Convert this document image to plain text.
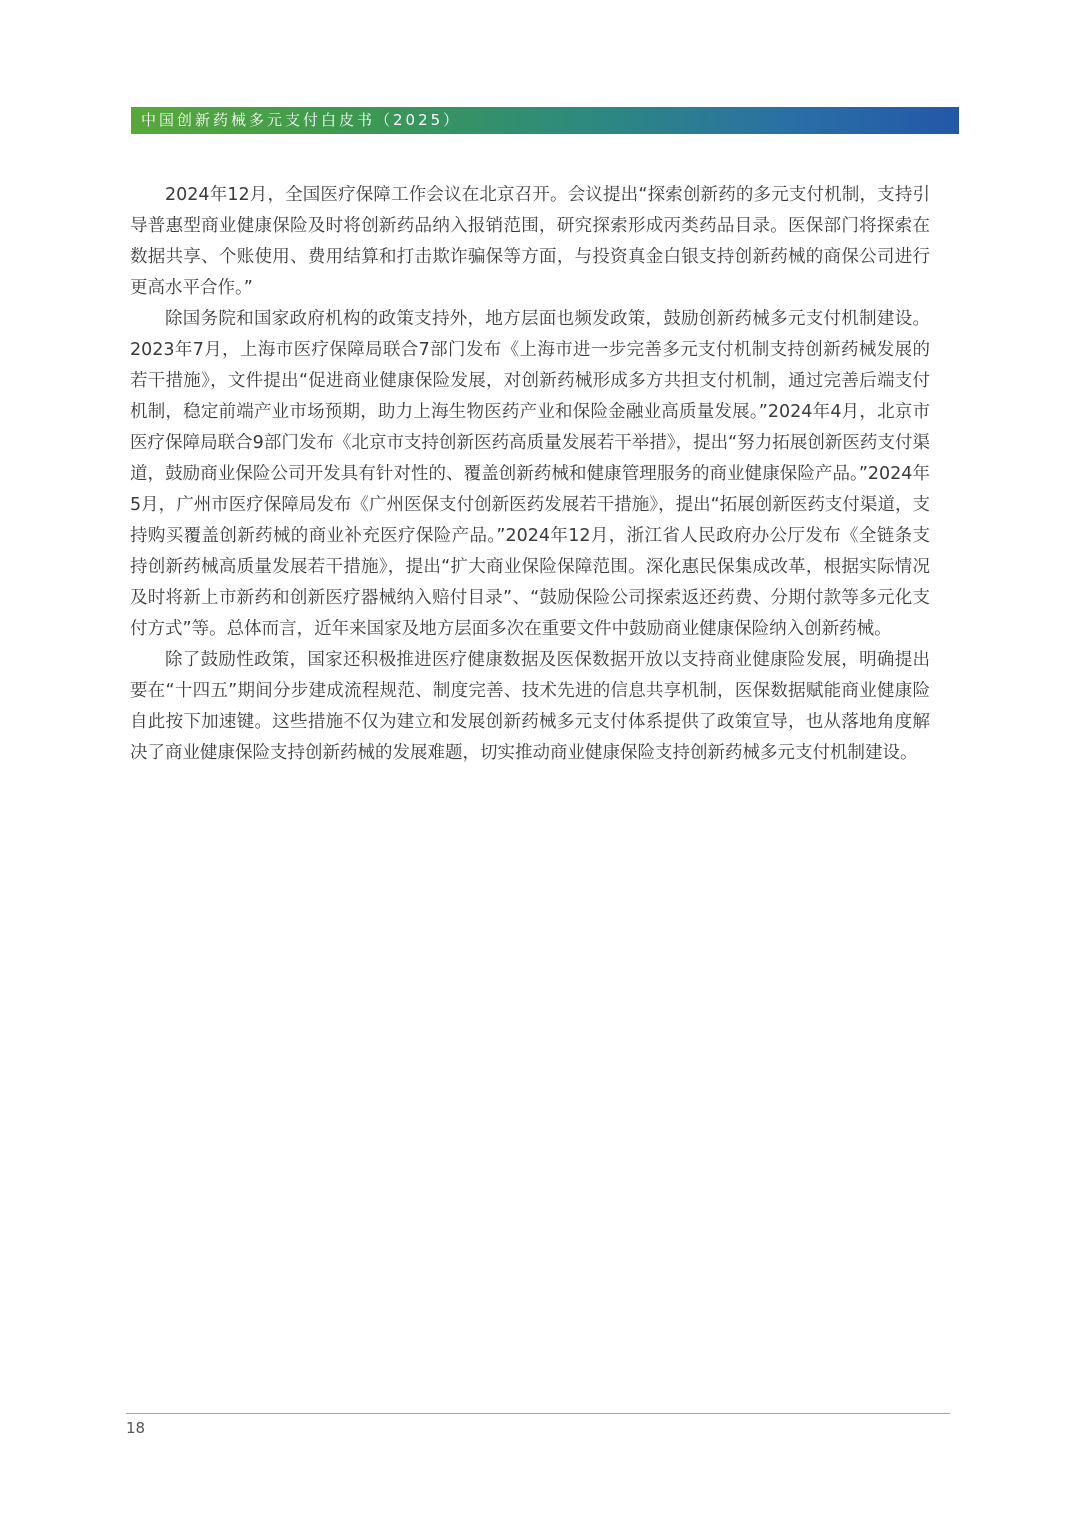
中国创新药械多元支付白皮书（2025）

2024年12月，全国医疗保障工作会议在北京召开。会议提出“探索创新药的多元支付机制，支持引导普惠型商业健康保险及时将创新药品纳入报销范围，研究探索形成丙类药品目录。医保部门将探索在数据共享、个账使用、费用结算和打击欺诈骗保等方面，与投资真金白银支持创新药械的商保公司进行更高水平合作。”

除国务院和国家政府机构的政策支持外，地方层面也频发政策，鼓励创新药械多元支付机制建设。2023年7月，上海市医疗保障局联合7部门发布《上海市进一步完善多元支付机制支持创新药械发展的若干措施》，文件提出“促进商业健康保险发展，对创新药械形成多方共担支付机制，通过完善后端支付机制，稳定前端产业市场预期，助力上海生物医药产业和保险金融业高质量发展。”2024年4月，北京市医疗保障局联合9部门发布《北京市支持创新医药高质量发展若干举措》，提出“努力拓展创新医药支付渠道，鼓励商业保险公司开发具有针对性的、覆盖创新药械和健康管理服务的商业健康保险产品。”2024年5月，广州市医疗保障局发布《广州医保支付创新医药发展若干措施》，提出“拓展创新医药支付渠道，支持购买覆盖创新药械的商业补充医疗保险产品。”2024年12月，浙江省人民政府办公厅发布《全链条支持创新药械高质量发展若干措施》，提出“扩大商业保险保障范围。深化惠民保集成改革，根据实际情况及时将新上市新药和创新医疗器械纳入赔付目录”、“鼓励保险公司探索返还药费、分期付款等多元化支付方式”等。总体而言，近年来国家及地方层面多次在重要文件中鼓励商业健康保险纳入创新药械。

除了鼓励性政策，国家还积极推进医疗健康数据及医保数据开放以支持商业健康险发展，明确提出要在“十四五”期间分步建成流程规范、制度完善、技术先进的信息共享机制，医保数据赋能商业健康险自此按下加速键。这些措施不仅为建立和发展创新药械多元支付体系提供了政策宣导，也从落地角度解决了商业健康保险支持创新药械的发展难题，切实推动商业健康保险支持创新药械多元支付机制建设。

18
